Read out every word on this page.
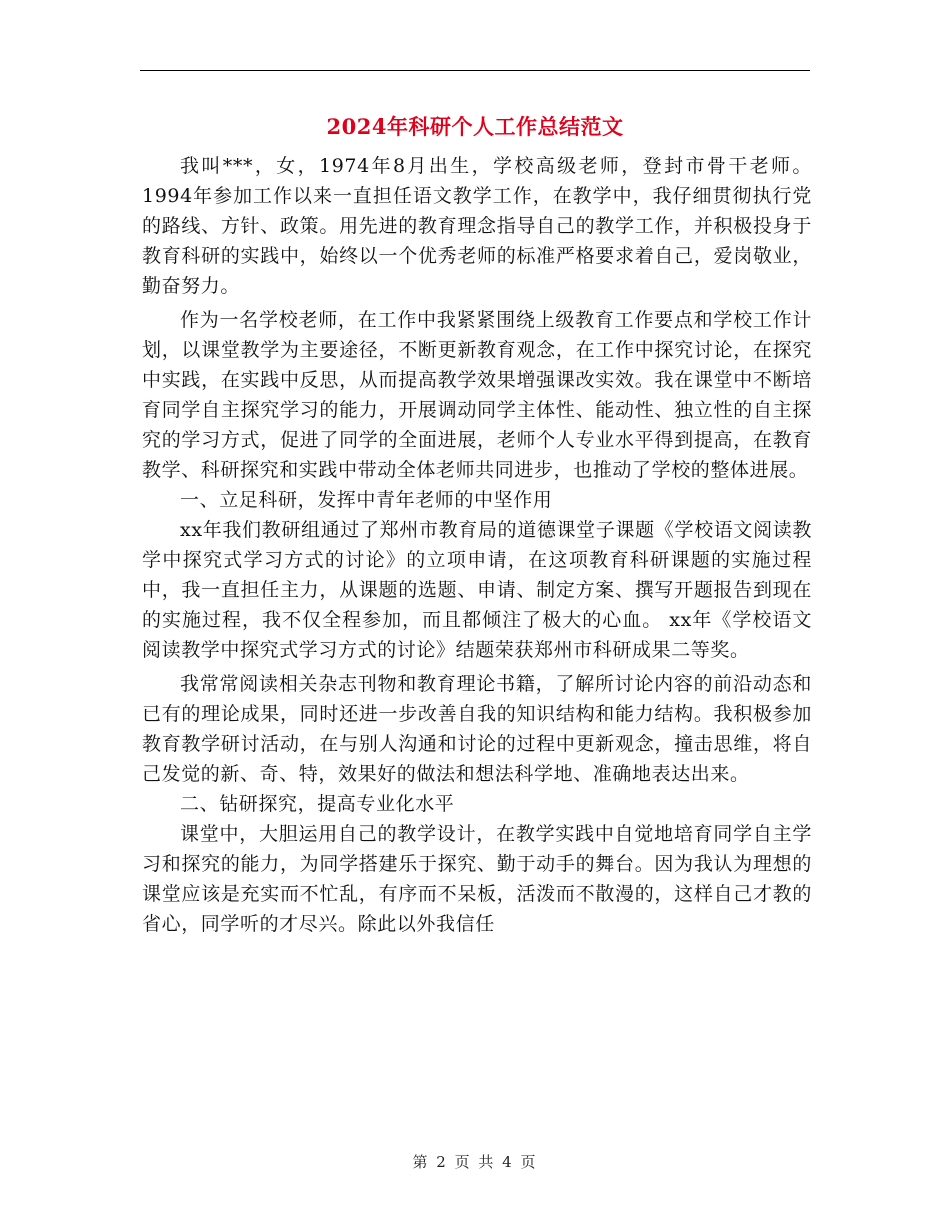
2024年科研个人工作总结范文

我叫***，女，1974年8月出生，学校高级老师，登封市骨干老师。1994年参加工作以来一直担任语文教学工作，在教学中，我仔细贯彻执行党的路线、方针、政策。用先进的教育理念指导自己的教学工作，并积极投身于教育科研的实践中，始终以一个优秀老师的标准严格要求着自己，爱岗敬业，勤奋努力。

作为一名学校老师，在工作中我紧紧围绕上级教育工作要点和学校工作计划，以课堂教学为主要途径，不断更新教育观念，在工作中探究讨论，在探究中实践，在实践中反思，从而提高教学效果增强课改实效。我在课堂中不断培育同学自主探究学习的能力，开展调动同学主体性、能动性、独立性的自主探究的学习方式，促进了同学的全面进展，老师个人专业水平得到提高，在教育教学、科研探究和实践中带动全体老师共同进步，也推动了学校的整体进展。

一、立足科研，发挥中青年老师的中坚作用

xx年我们教研组通过了郑州市教育局的道德课堂子课题《学校语文阅读教学中探究式学习方式的讨论》的立项申请，在这项教育科研课题的实施过程中，我一直担任主力，从课题的选题、申请、制定方案、撰写开题报告到现在的实施过程，我不仅全程参加，而且都倾注了极大的心血。 xx年《学校语文阅读教学中探究式学习方式的讨论》结题荣获郑州市科研成果二等奖。

我常常阅读相关杂志刊物和教育理论书籍，了解所讨论内容的前沿动态和已有的理论成果，同时还进一步改善自我的知识结构和能力结构。我积极参加教育教学研讨活动，在与别人沟通和讨论的过程中更新观念，撞击思维，将自己发觉的新、奇、特，效果好的做法和想法科学地、准确地表达出来。

二、钻研探究，提高专业化水平

课堂中，大胆运用自己的教学设计，在教学实践中自觉地培育同学自主学习和探究的能力，为同学搭建乐于探究、勤于动手的舞台。因为我认为理想的课堂应该是充实而不忙乱，有序而不呆板，活泼而不散漫的，这样自己才教的省心，同学听的才尽兴。除此以外我信任

第 2 页 共 4 页
